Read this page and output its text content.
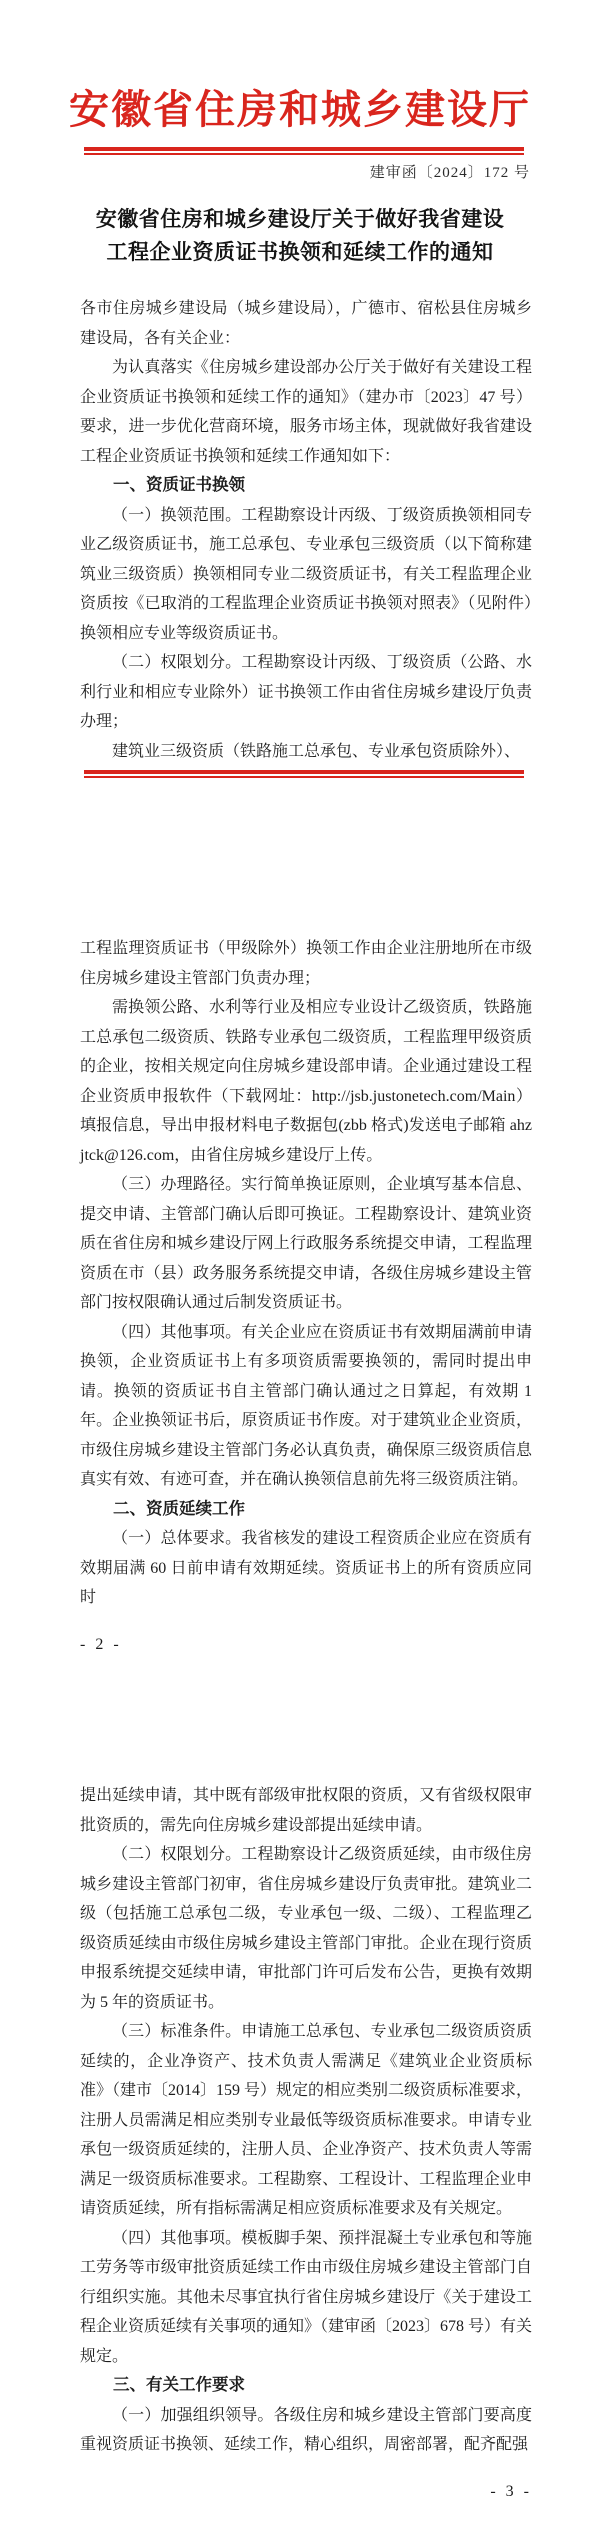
安徽省住房和城乡建设厅
建审函〔2024〕172 号
安徽省住房和城乡建设厅关于做好我省建设
工程企业资质证书换领和延续工作的通知

各市住房城乡建设局（城乡建设局），广德市、宿松县住房城乡建设局，各有关企业：

为认真落实《住房城乡建设部办公厅关于做好有关建设工程企业资质证书换领和延续工作的通知》（建办市〔2023〕47 号）要求，进一步优化营商环境，服务市场主体，现就做好我省建设工程企业资质证书换领和延续工作通知如下：

一、资质证书换领

（一）换领范围。工程勘察设计丙级、丁级资质换领相同专业乙级资质证书，施工总承包、专业承包三级资质（以下简称建筑业三级资质）换领相同专业二级资质证书，有关工程监理企业资质按《已取消的工程监理企业资质证书换领对照表》（见附件）换领相应专业等级资质证书。

（二）权限划分。工程勘察设计丙级、丁级资质（公路、水利行业和相应专业除外）证书换领工作由省住房城乡建设厅负责办理；

建筑业三级资质（铁路施工总承包、专业承包资质除外）、

工程监理资质证书（甲级除外）换领工作由企业注册地所在市级住房城乡建设主管部门负责办理；

需换领公路、水利等行业及相应专业设计乙级资质，铁路施工总承包二级资质、铁路专业承包二级资质，工程监理甲级资质的企业，按相关规定向住房城乡建设部申请。企业通过建设工程企业资质申报软件（下载网址：http://jsb.justonetech.com/Main）填报信息，导出申报材料电子数据包(zbb 格式)发送电子邮箱 ahzjtck@126.com，由省住房城乡建设厅上传。

（三）办理路径。实行简单换证原则，企业填写基本信息、提交申请、主管部门确认后即可换证。工程勘察设计、建筑业资质在省住房和城乡建设厅网上行政服务系统提交申请，工程监理资质在市（县）政务服务系统提交申请，各级住房城乡建设主管部门按权限确认通过后制发资质证书。

（四）其他事项。有关企业应在资质证书有效期届满前申请换领，企业资质证书上有多项资质需要换领的，需同时提出申请。换领的资质证书自主管部门确认通过之日算起，有效期 1 年。企业换领证书后，原资质证书作废。对于建筑业企业资质，市级住房城乡建设主管部门务必认真负责，确保原三级资质信息真实有效、有迹可查，并在确认换领信息前先将三级资质注销。

二、资质延续工作

（一）总体要求。我省核发的建设工程资质企业应在资质有效期届满 60 日前申请有效期延续。资质证书上的所有资质应同时

- 2 -

提出延续申请，其中既有部级审批权限的资质，又有省级权限审批资质的，需先向住房城乡建设部提出延续申请。

（二）权限划分。工程勘察设计乙级资质延续，由市级住房城乡建设主管部门初审，省住房城乡建设厅负责审批。建筑业二级（包括施工总承包二级，专业承包一级、二级）、工程监理乙级资质延续由市级住房城乡建设主管部门审批。企业在现行资质申报系统提交延续申请，审批部门许可后发布公告，更换有效期为 5 年的资质证书。

（三）标准条件。申请施工总承包、专业承包二级资质资质延续的，企业净资产、技术负责人需满足《建筑业企业资质标准》（建市〔2014〕159 号）规定的相应类别二级资质标准要求，注册人员需满足相应类别专业最低等级资质标准要求。申请专业承包一级资质延续的，注册人员、企业净资产、技术负责人等需满足一级资质标准要求。工程勘察、工程设计、工程监理企业申请资质延续，所有指标需满足相应资质标准要求及有关规定。

（四）其他事项。模板脚手架、预拌混凝土专业承包和等施工劳务等市级审批资质延续工作由市级住房城乡建设主管部门自行组织实施。其他未尽事宜执行省住房城乡建设厅《关于建设工程企业资质延续有关事项的通知》（建审函〔2023〕678 号）有关规定。

三、有关工作要求

（一）加强组织领导。各级住房和城乡建设主管部门要高度重视资质证书换领、延续工作，精心组织，周密部署，配齐配强

- 3 -
